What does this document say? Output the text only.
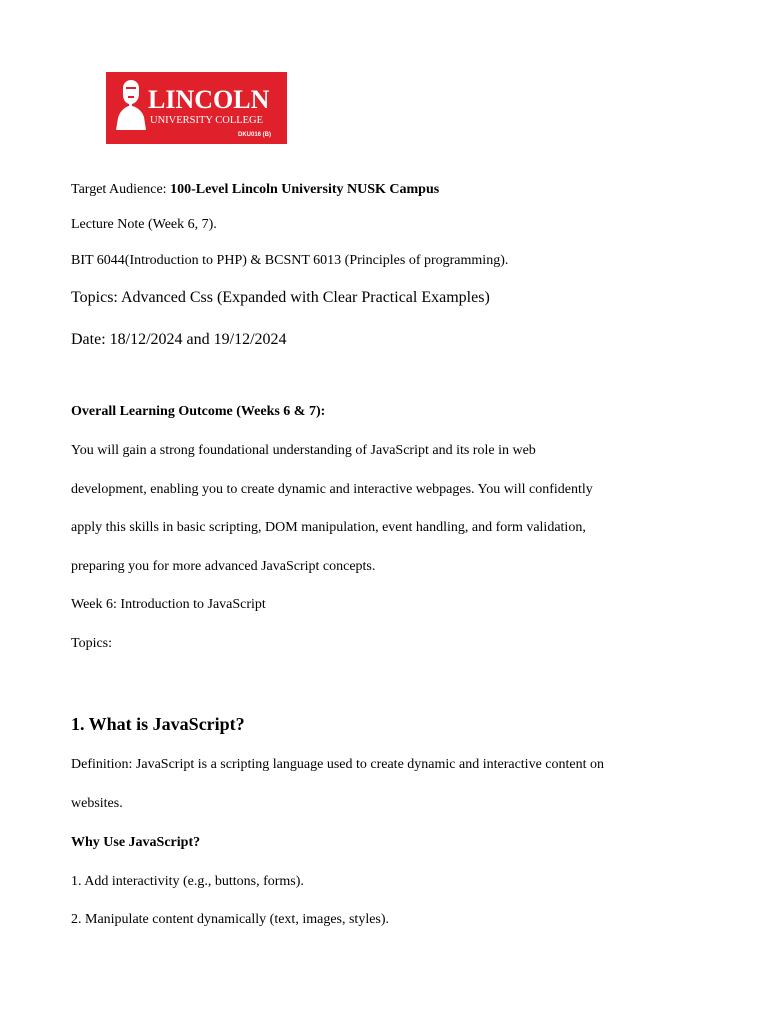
LINCOLN
UNIVERSITY COLLEGE
DKU016 (B)
Target Audience: 100-Level Lincoln University NUSK Campus
Lecture Note (Week 6, 7).
BIT 6044(Introduction to PHP) & BCSNT 6013 (Principles of programming).
Topics: Advanced Css (Expanded with Clear Practical Examples)
Date: 18/12/2024 and 19/12/2024
Overall Learning Outcome (Weeks 6 & 7):
You will gain a strong foundational understanding of JavaScript and its role in web
development, enabling you to create dynamic and interactive webpages. You will confidently
apply this skills in basic scripting, DOM manipulation, event handling, and form validation,
preparing you for more advanced JavaScript concepts.
Week 6: Introduction to JavaScript
Topics:
1. What is JavaScript?
Definition: JavaScript is a scripting language used to create dynamic and interactive content on
websites.
Why Use JavaScript?
1. Add interactivity (e.g., buttons, forms).
2. Manipulate content dynamically (text, images, styles).
